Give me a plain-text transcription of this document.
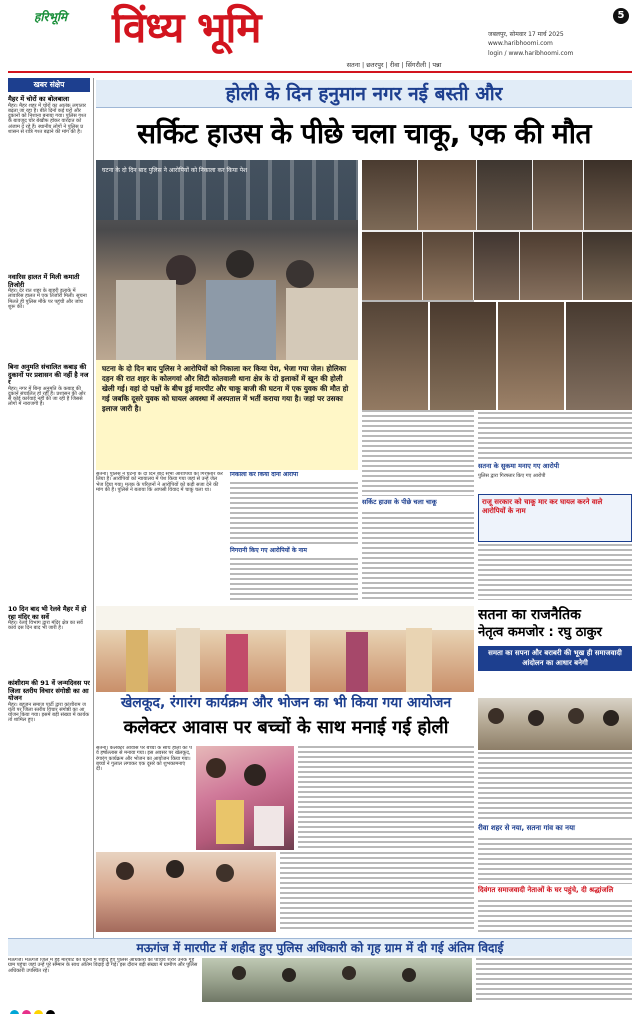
हरिभूमि विंध्य भूमि
सतना | छतरपुर | रीवा | सिंगरौली | पन्ना
जबलपुर, सोमवार 17 मार्च 2025
www.haribhoomi.com
login / www.haribhoomi.com
5
खबर संक्षेप
मैहर में चोरों का बोलबाला
मैहर। मैहर शहर में चोरों का आतंक लगातार बढ़ता जा रहा है। बीते दिनों कई घरों और दुकानों को निशाना बनाया गया। पुलिस गश्त के बावजूद चोर बेखौफ होकर वारदात को अंजाम दे रहे हैं। स्थानीय लोगों ने पुलिस प्रशासन से रात्रि गश्त बढ़ाने की मांग की है।
नवारिस हालत में मिली कमाती तिजोरी
मैहर। देर रात शहर के बाहरी इलाके में लावारिस हालत में एक तिजोरी मिली। सूचना मिलते ही पुलिस मौके पर पहुंची और जांच शुरू की।
बिना अनुमति संचालित कबाड़ की दुकानों पर प्रशासन की नहीं है नजर
मैहर। नगर में बिना अनुमति के कबाड़ की दुकानें संचालित हो रही हैं। प्रशासन की ओर से कोई कार्रवाई नहीं की जा रही है जिससे लोगों में नाराजगी है।
10 दिन बाद भी रेलवे मैहर में हो रहा मंदिर का सर्वे
मैहर। रेलवे विभाग द्वारा मंदिर क्षेत्र का सर्वे कार्य दस दिन बाद भी जारी है।
कांशीराम की 91 वें जन्मदिवस पर जिला स्तरीय विचार संगोष्ठी का आयोजन
मैहर। बहुजन समाज पार्टी द्वारा कांशीराम जयंती पर जिला स्तरीय विचार संगोष्ठी का आयोजन किया गया। इसमें बड़ी संख्या में कार्यकर्ता शामिल हुए।
होली के दिन हनुमान नगर नई बस्ती और
सर्किट हाउस के पीछे चला चाकू, एक की मौत
घटना के दो दिन बाद पुलिस ने आरोपियों को निकाला कर किया पेश
घटना के दो दिन बाद पुलिस ने आरोपियों को निकाला कर किया पेश, भेजा गया जेल। होलिका दहन की रात शहर के कोलगवां और सिटी कोतवाली थाना क्षेत्र के दो इलाकों में खून की होली खेली गई। वहां दो पक्षों के बीच हुई मारपीट और चाकू बाजी की घटना में एक युवक की मौत हो गई जबकि दूसरे युवक को घायल अवस्था में अस्पताल में भर्ती कराया गया है। जहां पर उसका इलाज जारी है।
सतना। पुलिस ने घटना के दो दिन बाद सभी आरोपियों को गिरफ्तार कर लिया है। आरोपियों को न्यायालय में पेश किया गया जहां से उन्हें जेल भेज दिया गया। मृतक के परिजनों ने आरोपियों को कड़ी सजा देने की मांग की है। पुलिस ने बताया कि आपसी विवाद में चाकू चला था।
निकाला कर किया दोनों आरोपी
निगरानी किए गए आरोपियों के नाम
सर्किट हाउस के पीछे चला चाकू
सतना के सुकमा मनाए गए आरोपी
पुलिस द्वारा गिरफ्तार किए गए आरोपी
राजू सरकार को चाकू मार कर घायल करने वाले आरोपियों के नाम
सतना का राजनैतिक
नेतृत्व कमजोर : रघु ठाकुर
समता का सपना और बराबरी की भूख ही समाजवादी आंदोलन का आधार बनेगी
खेलकूद, रंगारंग कार्यक्रम और भोजन का भी किया गया आयोजन
कलेक्टर आवास पर बच्चों के साथ मनाई गई होली
सतना। कलेक्टर आवास पर बच्चों के साथ होली का पर्व हर्षोल्लास से मनाया गया। इस अवसर पर खेलकूद, रंगारंग कार्यक्रम और भोजन का आयोजन किया गया। बच्चों ने गुलाल लगाकर एक दूसरे को शुभकामनाएं दीं।
रीवा शहर से नया, सतना गांव का नया
दिवंगत समाजवादी नेताओं के घर पहुंचे, दी श्रद्धांजलि
मऊगंज में मारपीट में शहीद हुए पुलिस अधिकारी को गृह ग्राम में दी गई अंतिम विदाई
मऊगंज। मऊगंज जिले में हुई मारपीट की घटना में शहीद हुए पुलिस अधिकारी का पार्थिव शरीर उनके गृह ग्राम पहुंचा जहां उन्हें पूरे सम्मान के साथ अंतिम विदाई दी गई। इस दौरान बड़ी संख्या में ग्रामीण और पुलिस अधिकारी उपस्थित रहे।
